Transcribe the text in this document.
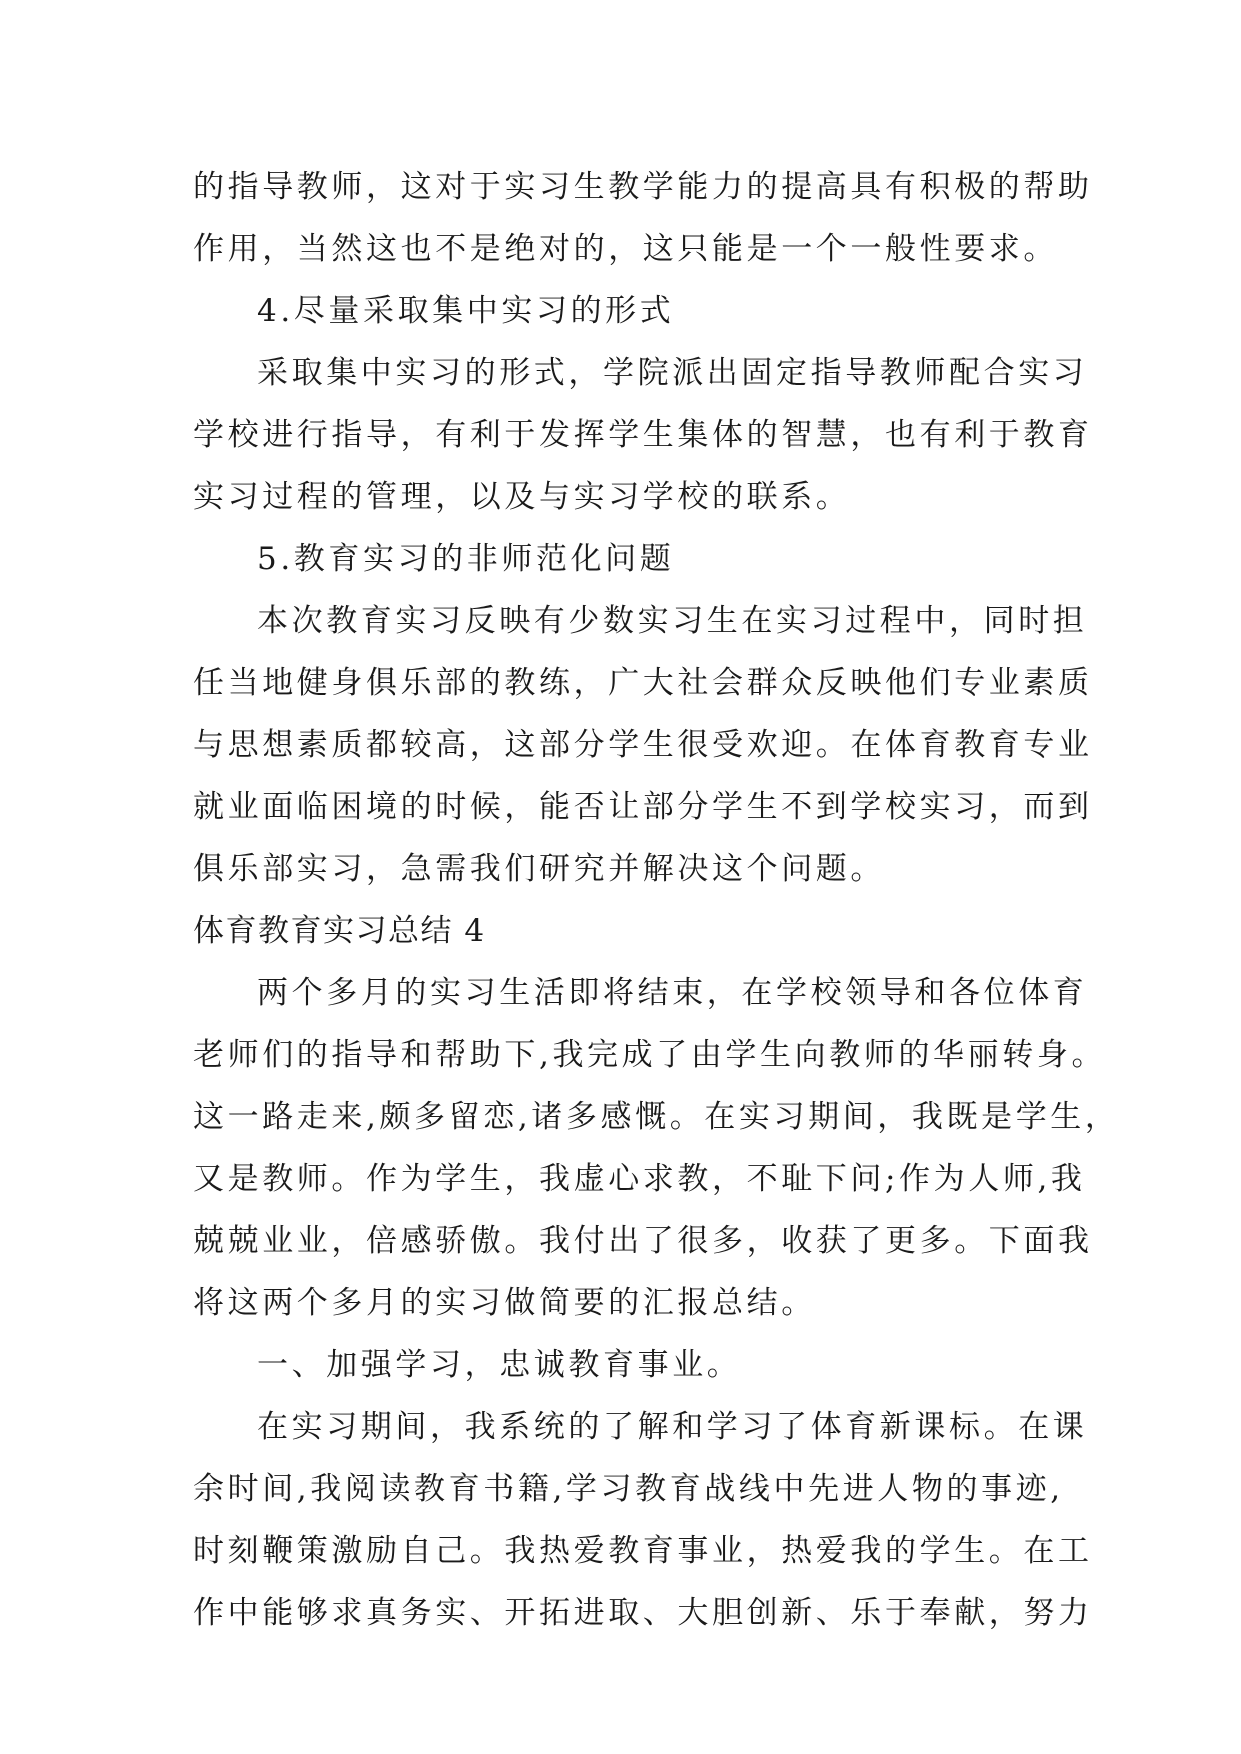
的指导教师，这对于实习生教学能力的提高具有积极的帮助
作用，当然这也不是绝对的，这只能是一个一般性要求。
4.尽量采取集中实习的形式
采取集中实习的形式，学院派出固定指导教师配合实习
学校进行指导，有利于发挥学生集体的智慧，也有利于教育
实习过程的管理，以及与实习学校的联系。
5.教育实习的非师范化问题
本次教育实习反映有少数实习生在实习过程中，同时担
任当地健身俱乐部的教练，广大社会群众反映他们专业素质
与思想素质都较高，这部分学生很受欢迎。在体育教育专业
就业面临困境的时候，能否让部分学生不到学校实习，而到
俱乐部实习，急需我们研究并解决这个问题。
体育教育实习总结 4
两个多月的实习生活即将结束，在学校领导和各位体育
老师们的指导和帮助下,我完成了由学生向教师的华丽转身。
这一路走来,颇多留恋,诸多感慨。在实习期间，我既是学生，
又是教师。作为学生，我虚心求教，不耻下问;作为人师,我
兢兢业业，倍感骄傲。我付出了很多，收获了更多。下面我
将这两个多月的实习做简要的汇报总结。
一、加强学习，忠诚教育事业。
在实习期间，我系统的了解和学习了体育新课标。在课
余时间,我阅读教育书籍,学习教育战线中先进人物的事迹,
时刻鞭策激励自己。我热爱教育事业，热爱我的学生。在工
作中能够求真务实、开拓进取、大胆创新、乐于奉献，努力
